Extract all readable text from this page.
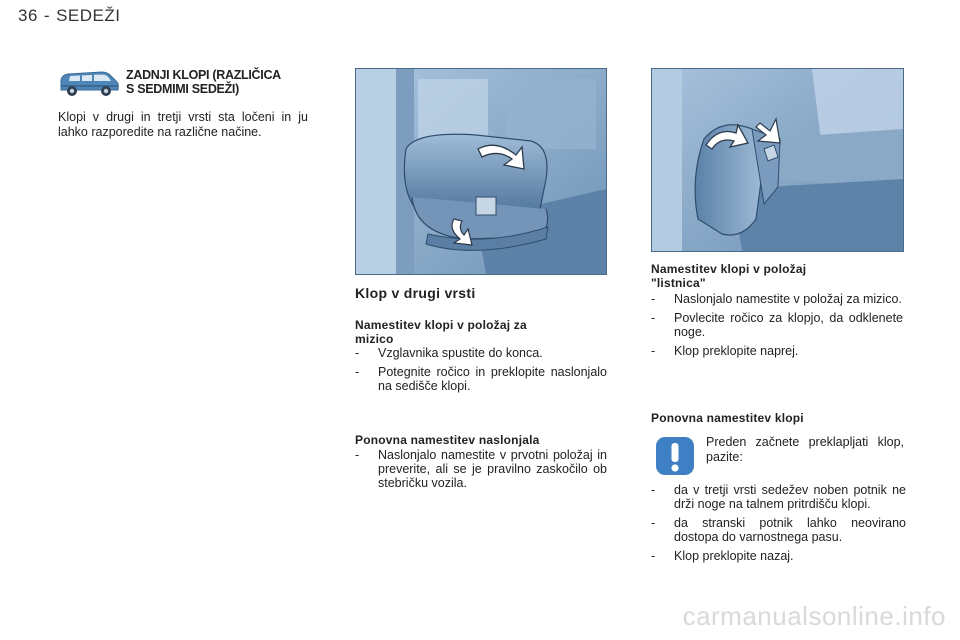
36 - SEDEŽI
ZADNJI KLOPI (RAZLIČICA
S SEDMIMI SEDEŽI)

Klopi v drugi in tretji vrsti sta ločeni in ju lahko razporedite na različne načine.

Klop v drugi vrsti
Namestitev klopi v položaj za
mizico
- Vzglavnika spustite do konca.
- Potegnite ročico in preklopite naslonjalo na sedišče klopi.
Ponovna namestitev naslonjala
- Naslonjalo namestite v prvotni položaj in preverite, ali se je pravilno zaskočilo ob stebričku vozila.
Namestitev klopi v položaj
"listnica"
- Naslonjalo namestite v položaj za mizico.
- Povlecite ročico za klopjo, da odklenete noge.
- Klop preklopite naprej.
Ponovna namestitev klopi

Preden začnete preklapljati klop, pazite:

- da v tretji vrsti sedežev noben potnik ne drži noge na talnem pritrdišču klopi.
- da stranski potnik lahko neovirano dostopa do varnostnega pasu.
- Klop preklopite nazaj.
carmanualsonline.info
